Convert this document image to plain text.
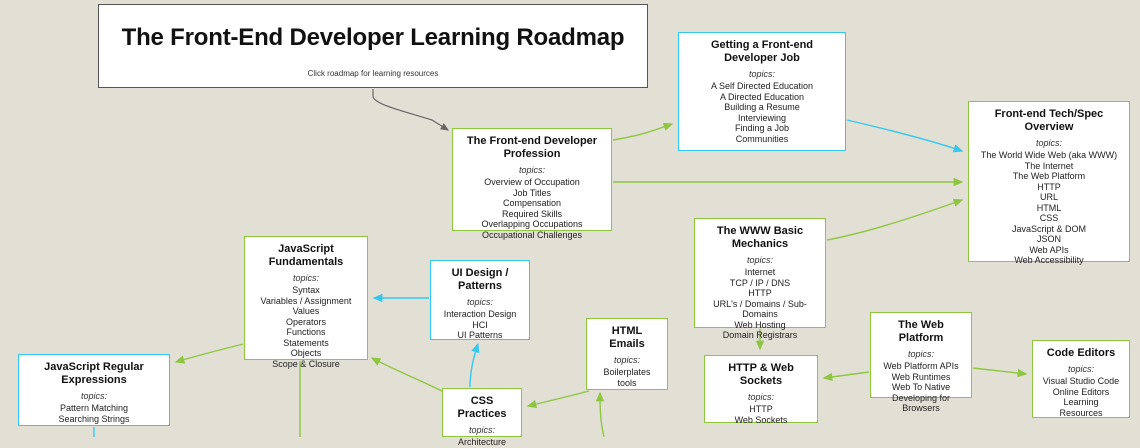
The Front-End Developer Learning Roadmap
Click roadmap for learning resources
The Front-end Developer Profession
topics:
Overview of Occupation
Job Titles
Compensation
Required Skills
Overlapping Occupations
Occupational Challenges
Getting a Front-end Developer Job
topics:
A Self Directed Education
A Directed Education
Building a Resume
Interviewing
Finding a Job
Communities
Front-end Tech/Spec Overview
topics:
The World Wide Web (aka WWW)
The Internet
The Web Platform
HTTP
URL
HTML
CSS
JavaScript & DOM
JSON
Web APIs
Web Accessibility
The WWW Basic Mechanics
topics:
Internet
TCP / IP / DNS
HTTP
URL's / Domains / Sub-Domains
Web Hosting
Domain Registrars
JavaScript Fundamentals
topics:
Syntax
Variables / Assignment
Values
Operators
Functions
Statements
Objects
Scope & Closure
UI Design / Patterns
topics:
Interaction Design
HCI
UI Patterns
JavaScript Regular Expressions
topics:
Pattern Matching
Searching Strings
HTML Emails
topics:
Boilerplates
tools
HTTP & Web Sockets
topics:
HTTP
Web Sockets
The Web Platform
topics:
Web Platform APIs
Web Runtimes
Web To Native
Developing for Browsers
Code Editors
topics:
Visual Studio Code
Online Editors
Learning Resources
CSS Practices
topics:
Architecture
